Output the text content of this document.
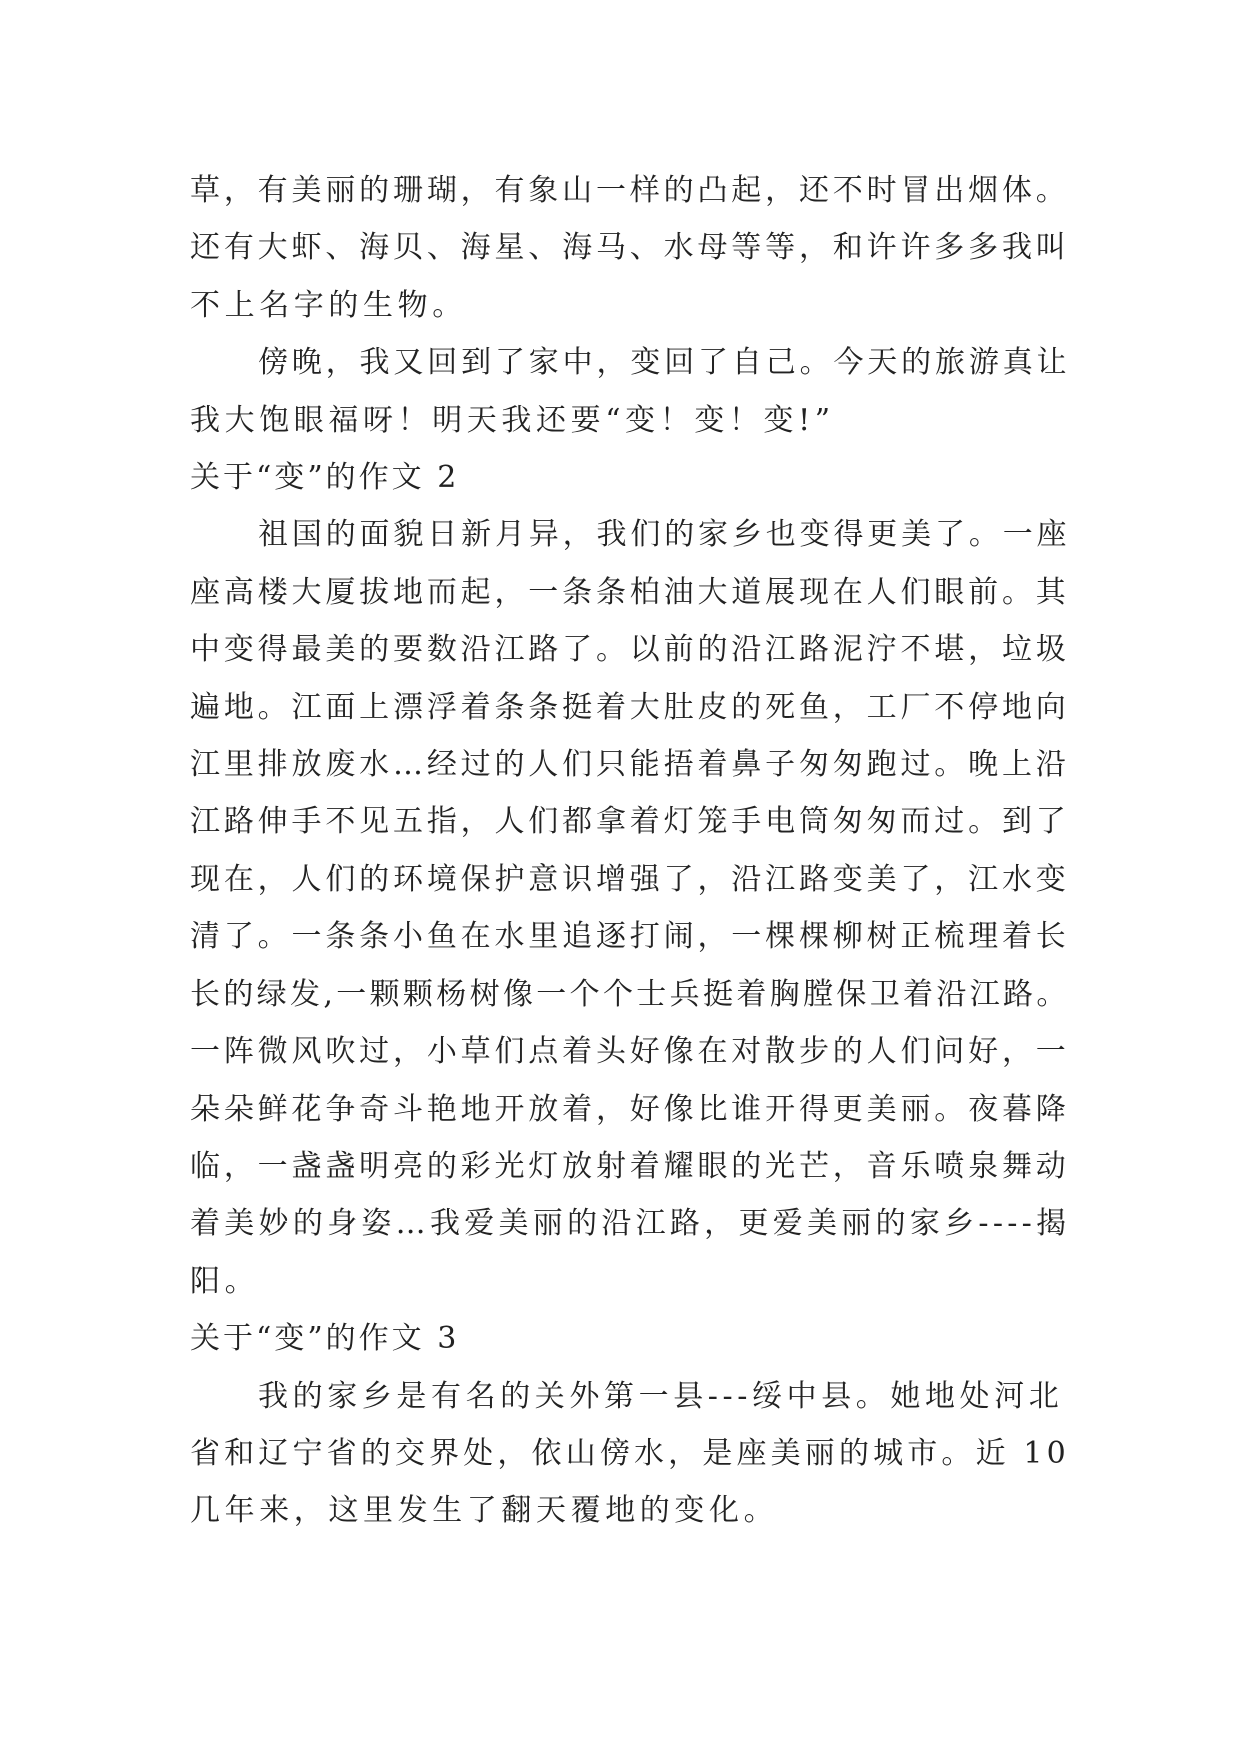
草，有美丽的珊瑚，有象山一样的凸起，还不时冒出烟体。
还有大虾、海贝、海星、海马、水母等等，和许许多多我叫
不上名字的生物。

傍晚，我又回到了家中，变回了自己。今天的旅游真让
我大饱眼福呀！明天我还要“变！变！变!”

关于“变”的作文 2

祖国的面貌日新月异，我们的家乡也变得更美了。一座
座高楼大厦拔地而起，一条条柏油大道展现在人们眼前。其
中变得最美的要数沿江路了。以前的沿江路泥泞不堪，垃圾
遍地。江面上漂浮着条条挺着大肚皮的死鱼，工厂不停地向
江里排放废水…经过的人们只能捂着鼻子匆匆跑过。晚上沿
江路伸手不见五指，人们都拿着灯笼手电筒匆匆而过。到了
现在，人们的环境保护意识增强了，沿江路变美了，江水变
清了。一条条小鱼在水里追逐打闹，一棵棵柳树正梳理着长
长的绿发,一颗颗杨树像一个个士兵挺着胸膛保卫着沿江路。
一阵微风吹过，小草们点着头好像在对散步的人们问好，一
朵朵鲜花争奇斗艳地开放着，好像比谁开得更美丽。夜暮降
临，一盏盏明亮的彩光灯放射着耀眼的光芒，音乐喷泉舞动
着美妙的身姿…我爱美丽的沿江路，更爱美丽的家乡----揭
阳。

关于“变”的作文 3

我的家乡是有名的关外第一县---绥中县。她地处河北
省和辽宁省的交界处，依山傍水，是座美丽的城市。近 10
几年来，这里发生了翻天覆地的变化。
